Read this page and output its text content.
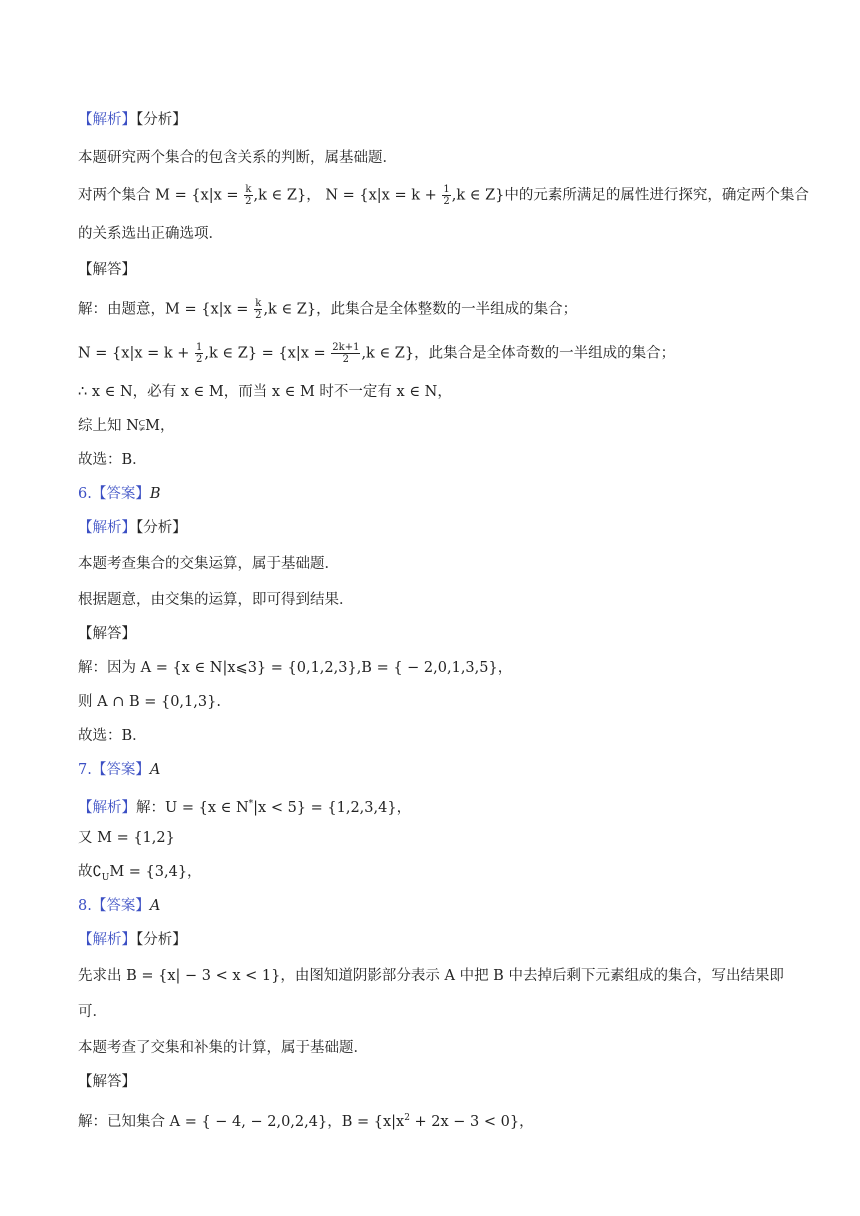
【解析】【分析】
本题研究两个集合的包含关系的判断，属基础题．
对两个集合 $M = \{x|x = \frac{k}{2} ,k$ ∈ Z}， $N = \{x|x = k + \frac{1}{2} ,k$ ∈ Z}中的元素所满足的属性进行探究，确定两个集合
的关系选出正确选项．
【解答】
解：由题意，$M = \{x|x = \frac{k}{2} ,k$ ∈ Z}，此集合是全体整数的一半组成的集合；
$N = \{x|x = k + \frac{1}{2} ,k$ ∈ $Z\} = \{x|x = \frac{2k+1}{2} ,k$ ∈ Z}，此集合是全体奇数的一半组成的集合；
∴ x ∈ N，必有 x ∈ M，而当 x ∈ M 时不一定有 x ∈ N，
综上知 N⫋M，
故选：B．
6.【答案】B
【解析】【分析】
本题考查集合的交集运算，属于基础题．
根据题意，由交集的运算，即可得到结果．
【解答】
解：因为 A = {x ∈ N|x⩽3} = {0,1,2,3},B = { − 2,0,1,3,5}，
则 A ∩ B = {0,1,3}.
故选：B．
7.【答案】A
【解析】解：U = {x ∈ N*|x < 5} = {1,2,3,4}，
又 M = {1,2}
故$∁_UM = \{3,4\}$，
8.【答案】A
【解析】【分析】
先求出 B = {x| − 3 < x < 1}，由图知道阴影部分表示 A 中把 B 中去掉后剩下元素组成的集合，写出结果即
可．
本题考查了交集和补集的计算，属于基础题．
【解答】
解：已知集合 A = { − 4, − 2,0,2,4}，$B = \{x|x^2 + 2x - 3 < 0\}$，
